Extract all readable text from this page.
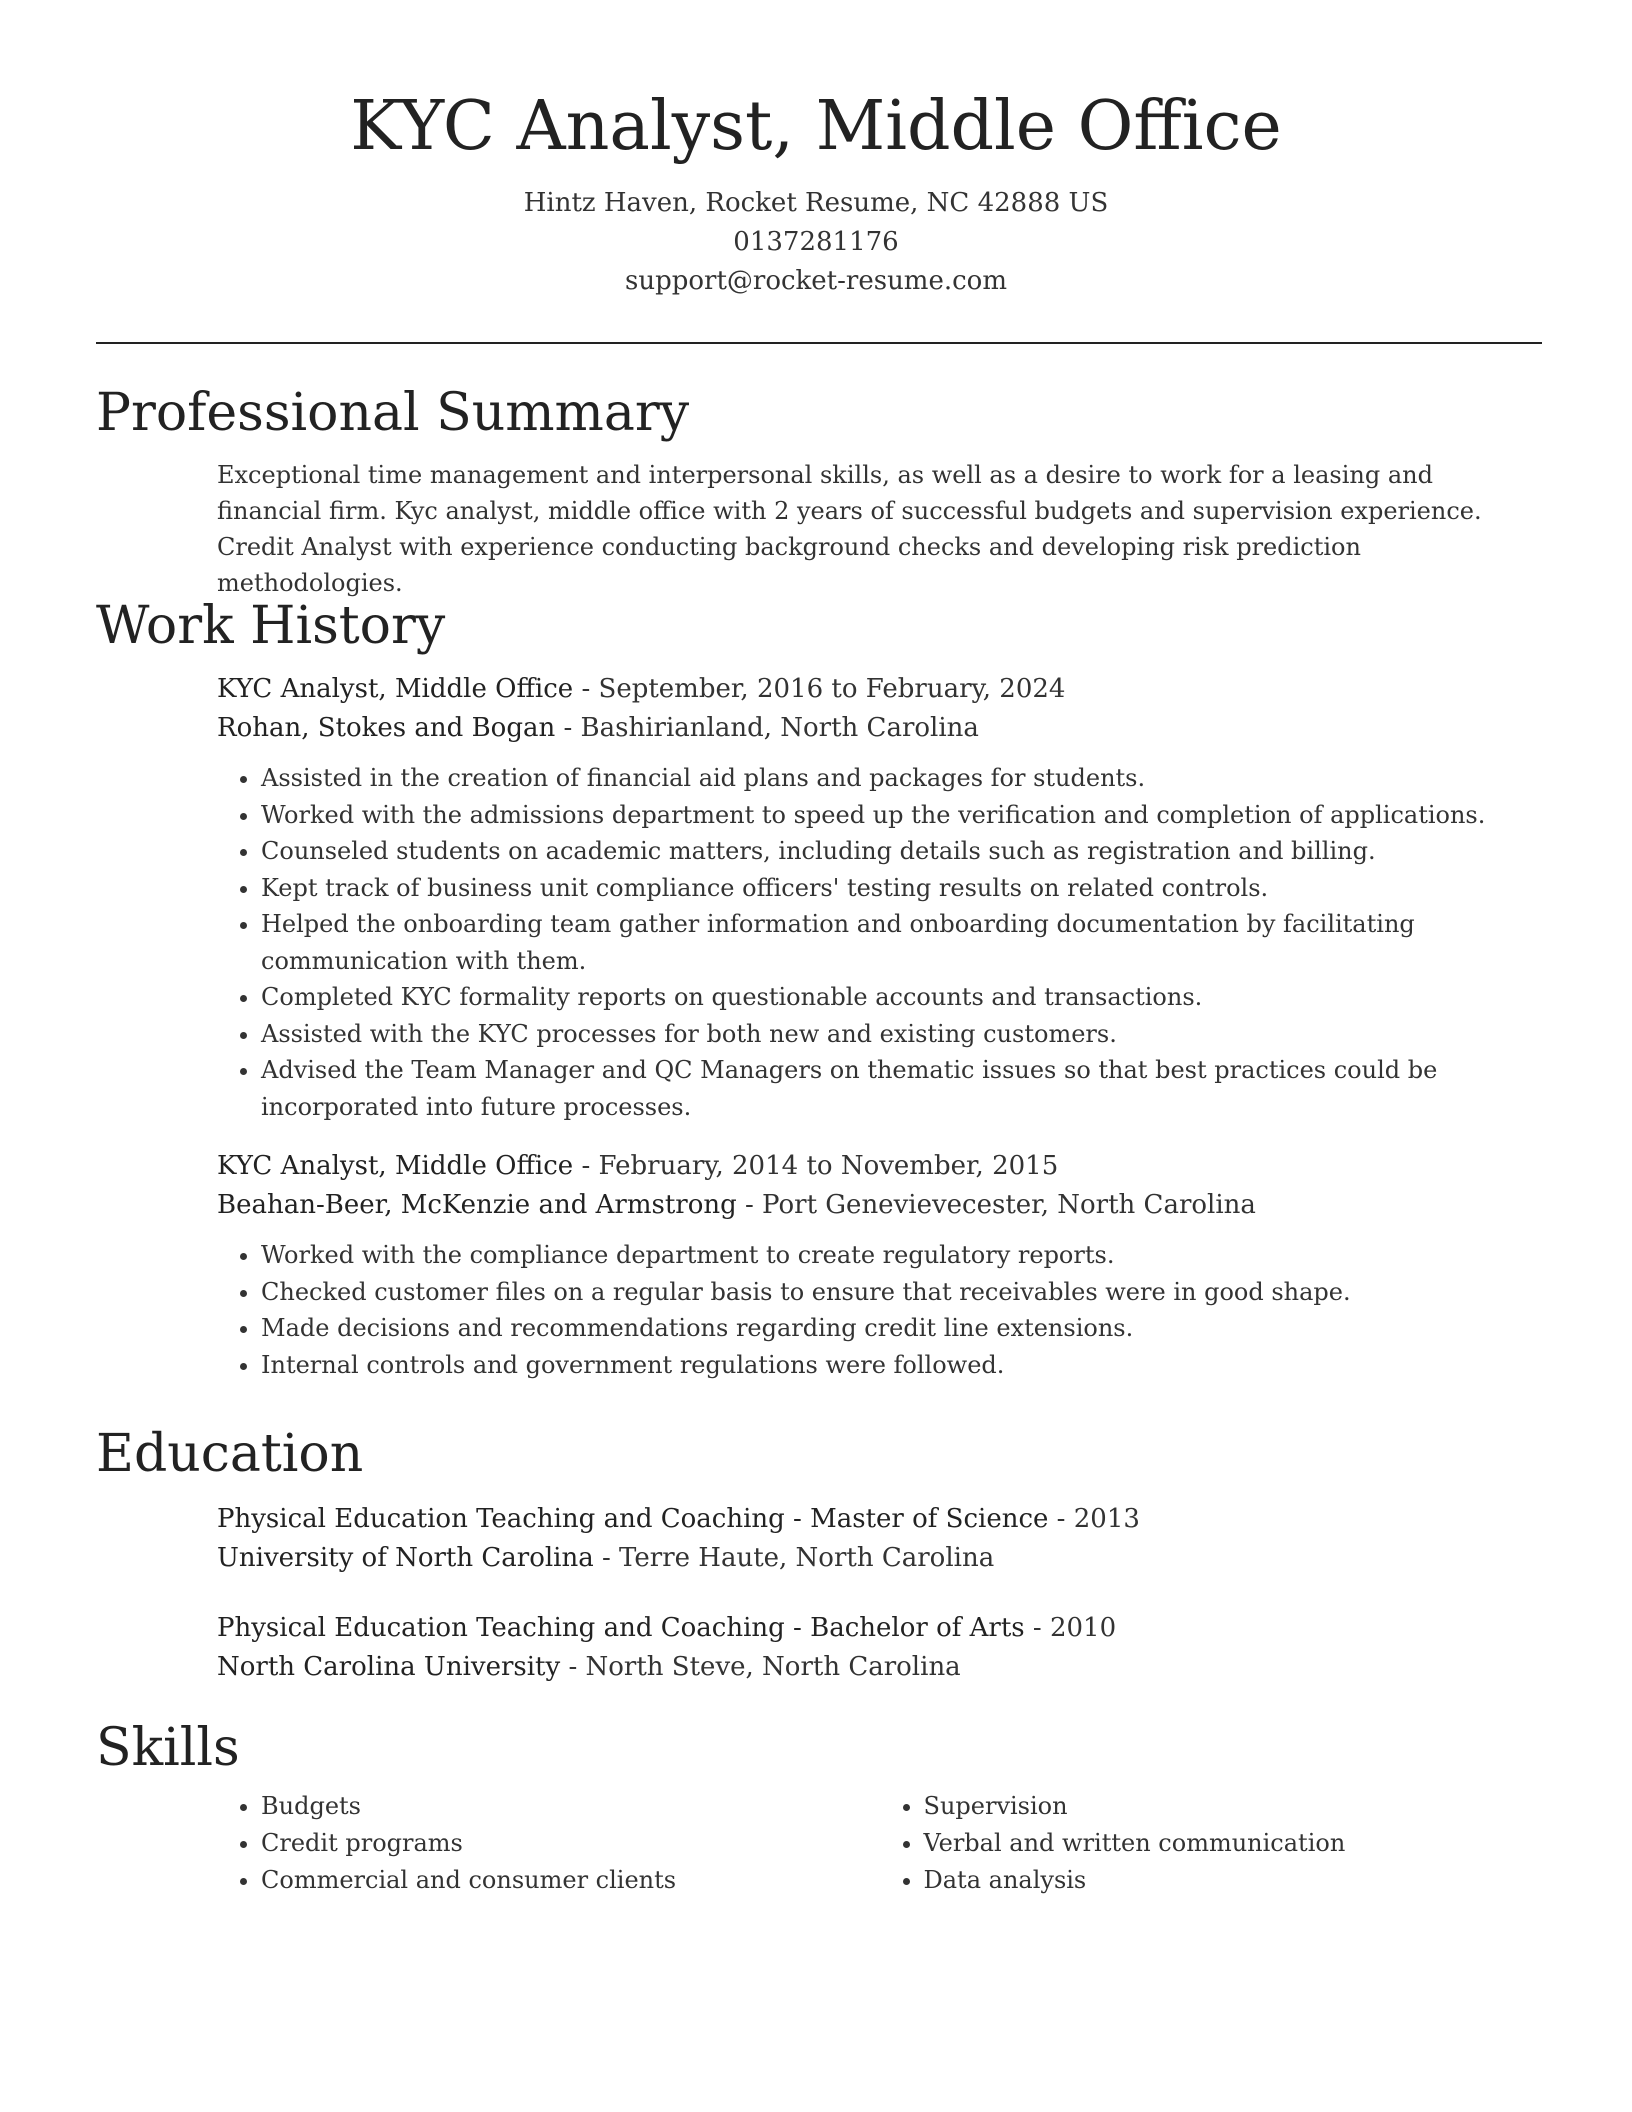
KYC Analyst, Middle Office
Hintz Haven, Rocket Resume, NC 42888 US
0137281176
support@rocket-resume.com
Professional Summary
Exceptional time management and interpersonal skills, as well as a desire to work for a leasing and financial firm. Kyc analyst, middle office with 2 years of successful budgets and supervision experience. Credit Analyst with experience conducting background checks and developing risk prediction methodologies.
Work History
KYC Analyst, Middle Office - September, 2016 to February, 2024
Rohan, Stokes and Bogan - Bashirianland, North Carolina
• Assisted in the creation of financial aid plans and packages for students.
• Worked with the admissions department to speed up the verification and completion of applications.
• Counseled students on academic matters, including details such as registration and billing.
• Kept track of business unit compliance officers' testing results on related controls.
• Helped the onboarding team gather information and onboarding documentation by facilitating communication with them.
• Completed KYC formality reports on questionable accounts and transactions.
• Assisted with the KYC processes for both new and existing customers.
• Advised the Team Manager and QC Managers on thematic issues so that best practices could be incorporated into future processes.
KYC Analyst, Middle Office - February, 2014 to November, 2015
Beahan-Beer, McKenzie and Armstrong - Port Genevievecester, North Carolina
• Worked with the compliance department to create regulatory reports.
• Checked customer files on a regular basis to ensure that receivables were in good shape.
• Made decisions and recommendations regarding credit line extensions.
• Internal controls and government regulations were followed.
Education
Physical Education Teaching and Coaching - Master of Science - 2013
University of North Carolina - Terre Haute, North Carolina
Physical Education Teaching and Coaching - Bachelor of Arts - 2010
North Carolina University - North Steve, North Carolina
Skills
• Budgets
• Credit programs
• Commercial and consumer clients
• Supervision
• Verbal and written communication
• Data analysis
